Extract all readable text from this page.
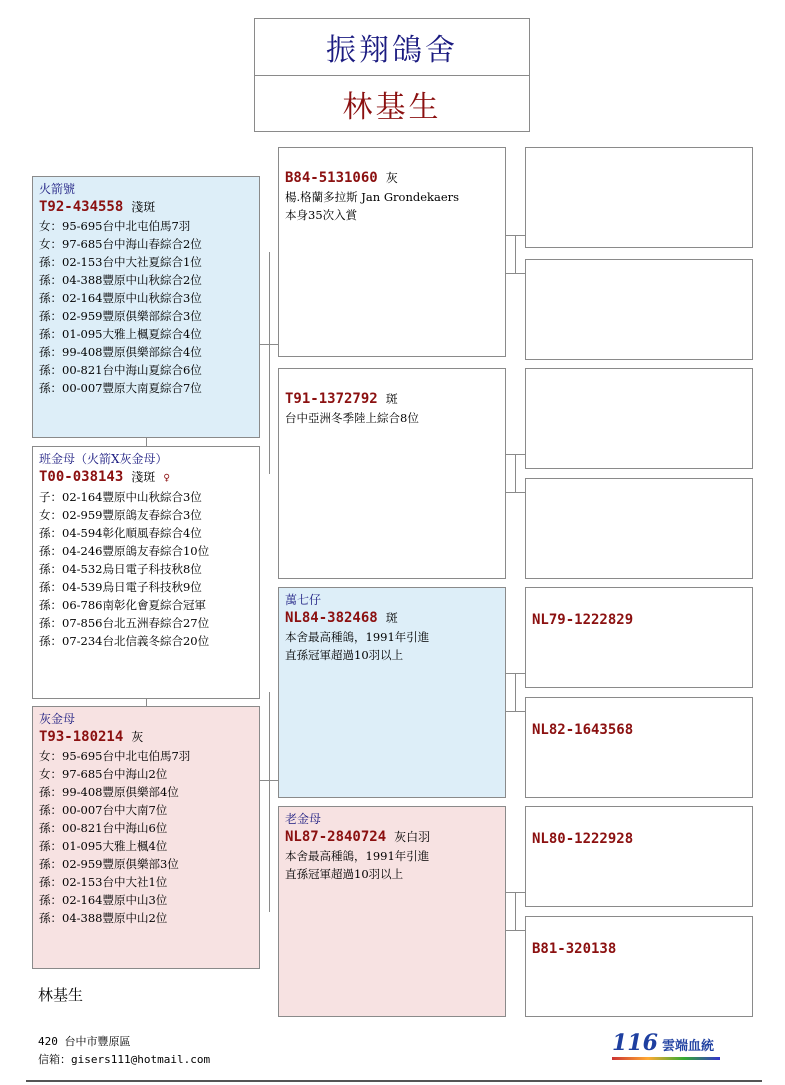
振翔鴿舍
林基生
火箭號
T92-434558 淺斑
女：95-695台中北屯伯馬7羽
女：97-685台中海山春綜合2位
孫：02-153台中大社夏綜合1位
孫：04-388豐原中山秋綜合2位
孫：02-164豐原中山秋綜合3位
孫：02-959豐原俱樂部綜合3位
孫：01-095大雅上楓夏綜合4位
孫：99-408豐原俱樂部綜合4位
孫：00-821台中海山夏綜合6位
孫：00-007豐原大南夏綜合7位
班金母（火箭X灰金母）
T00-038143 淺斑 ♀
子：02-164豐原中山秋綜合3位
女：02-959豐原鴿友春綜合3位
孫：04-594彰化順風春綜合4位
孫：04-246豐原鴿友春綜合10位
孫：04-532烏日電子科技秋8位
孫：04-539烏日電子科技秋9位
孫：06-786南彰化會夏綜合冠軍
孫：07-856台北五洲春綜合27位
孫：07-234台北信義冬綜合20位
灰金母
T93-180214 灰
女：95-695台中北屯伯馬7羽
女：97-685台中海山2位
孫：99-408豐原俱樂部4位
孫：00-007台中大南7位
孫：00-821台中海山6位
孫：01-095大雅上楓4位
孫：02-959豐原俱樂部3位
孫：02-153台中大社1位
孫：02-164豐原中山3位
孫：04-388豐原中山2位
B84-5131060 灰
楊.格蘭多拉斯 Jan Grondekaers
本身35次入賞
T91-1372792 斑
台中亞洲冬季陸上綜合8位
萬七仔
NL84-382468 斑
本舍最高種鴿，1991年引進
直孫冠軍超過10羽以上
老金母
NL87-2840724 灰白羽
本舍最高種鴿，1991年引進
直孫冠軍超過10羽以上
NL79-1222829
NL82-1643568
NL80-1222928
B81-320138
林基生
420 台中市豐原區
信箱：gisers111@hotmail.com
116 雲端血統
